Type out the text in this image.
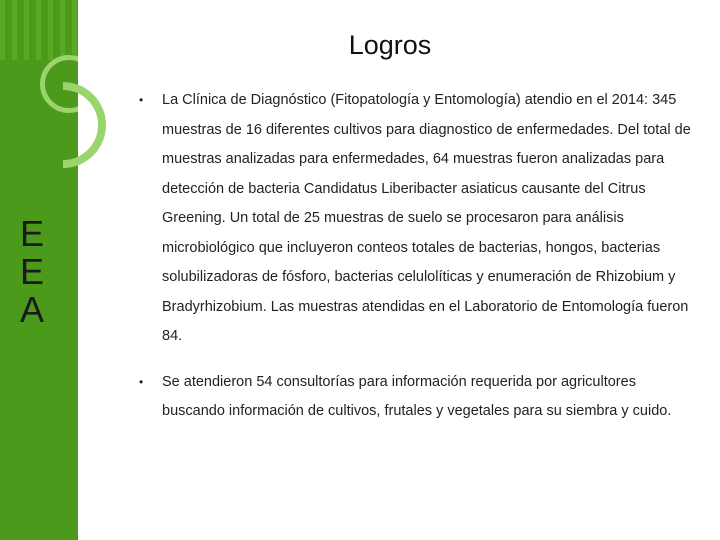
E
E
A
Logros
• La Clínica de Diagnóstico (Fitopatología y Entomología) atendio en el 2014: 345 muestras de 16 diferentes cultivos para diagnostico de enfermedades. Del total de muestras analizadas para enfermedades, 64 muestras fueron analizadas para detección de bacteria Candidatus Liberibacter asiaticus causante del Citrus Greening. Un total de 25 muestras de suelo se procesaron para análisis microbiológico que incluyeron conteos totales de bacterias, hongos, bacterias solubilizadoras de fósforo, bacterias celulolíticas y enumeración de Rhizobium y Bradyrhizobium. Las muestras atendidas en el Laboratorio de Entomología fueron 84.
• Se atendieron 54 consultorías para información requerida por agricultores buscando información de cultivos, frutales y vegetales para su siembra y cuido.
